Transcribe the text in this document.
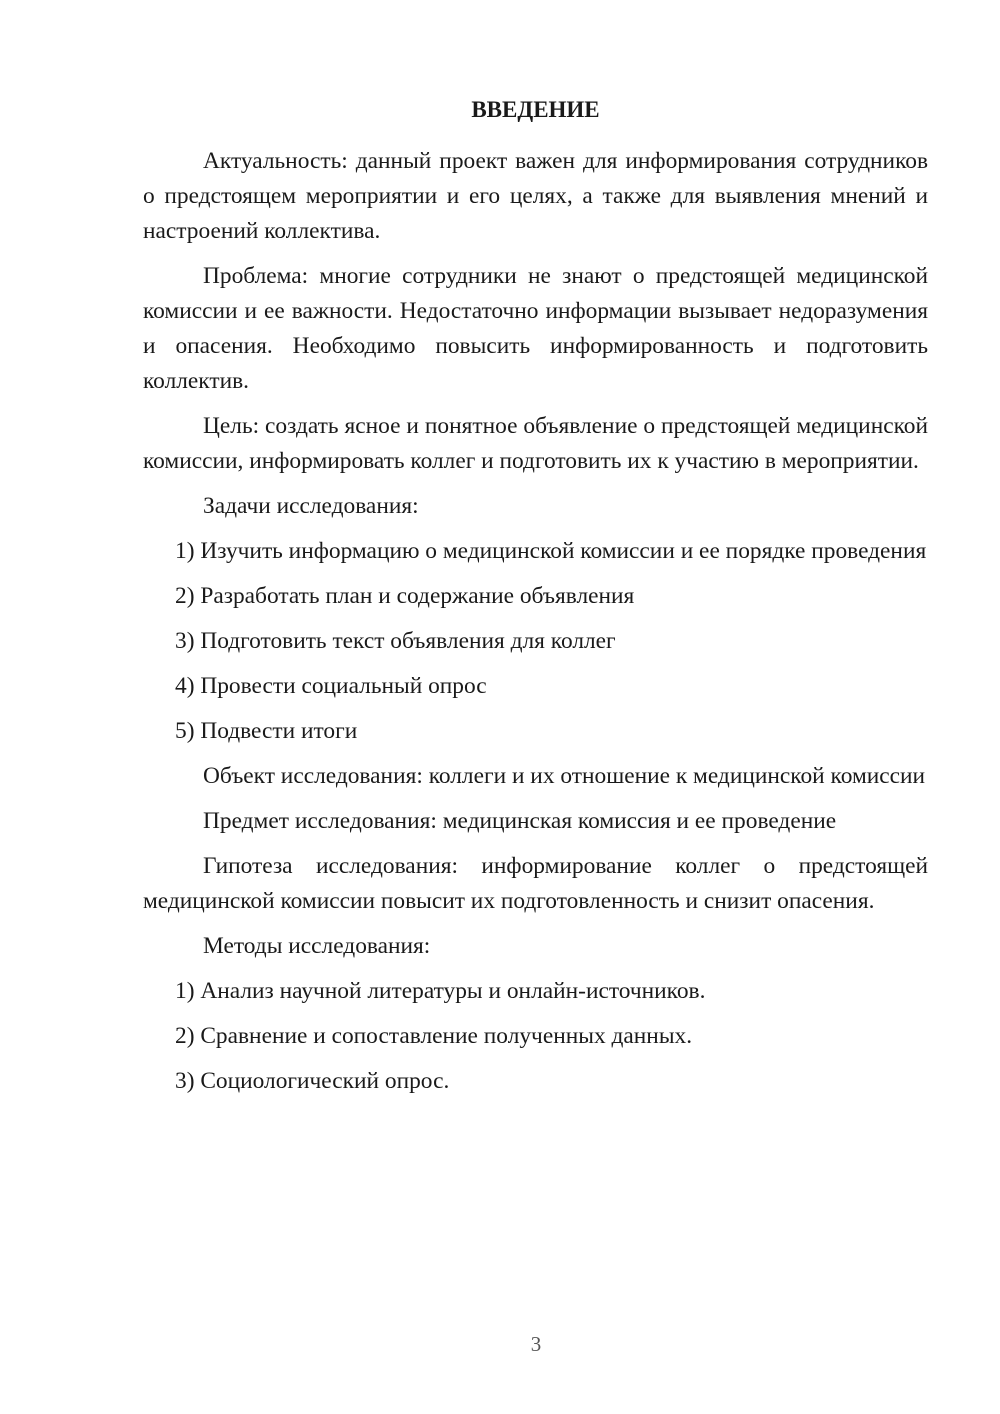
ВВЕДЕНИЕ

Актуальность: данный проект важен для информирования сотрудников о предстоящем мероприятии и его целях, а также для выявления мнений и настроений коллектива.

Проблема: многие сотрудники не знают о предстоящей медицинской комиссии и ее важности. Недостаточно информации вызывает недоразумения и опасения. Необходимо повысить информированность и подготовить коллектив.

Цель: создать ясное и понятное объявление о предстоящей медицинской комиссии, информировать коллег и подготовить их к участию в мероприятии.

Задачи исследования:

1) Изучить информацию о медицинской комиссии и ее порядке проведения

2) Разработать план и содержание объявления

3) Подготовить текст объявления для коллег

4) Провести социальный опрос

5) Подвести итоги

Объект исследования: коллеги и их отношение к медицинской комиссии

Предмет исследования: медицинская комиссия и ее проведение

Гипотеза исследования: информирование коллег о предстоящей медицинской комиссии повысит их подготовленность и снизит опасения.

Методы исследования:

1) Анализ научной литературы и онлайн-источников.

2) Сравнение и сопоставление полученных данных.

3) Социологический опрос.

3
